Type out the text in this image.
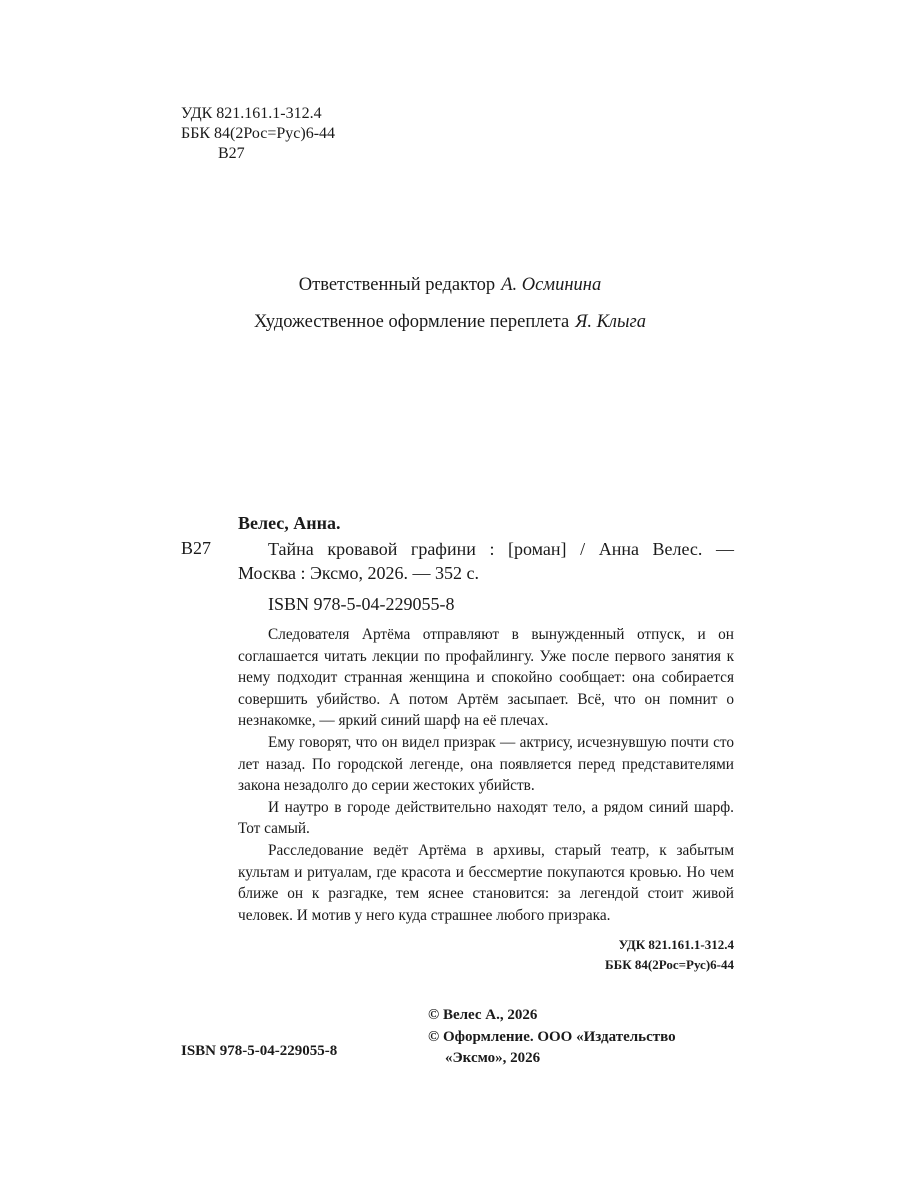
УДК 821.161.1-312.4
ББК 84(2Рос=Рус)6-44
В27
Ответственный редактор А. Осминина
Художественное оформление переплета Я. Клыга
Велес, Анна.
В27	Тайна кровавой графини : [роман] / Анна Велес. —
Москва : Эксмо, 2026. — 352 с.
ISBN 978-5-04-229055-8

Следователя Артёма отправляют в вынужденный отпуск, и он соглашается читать лекции по профайлингу. Уже после первого занятия к нему подходит странная женщина и спокойно сообщает: она собирается совершить убийство. А потом Артём засыпает. Всё, что он помнит о незнакомке, — яркий синий шарф на её плечах.

Ему говорят, что он видел призрак — актрису, исчезнувшую почти сто лет назад. По городской легенде, она появляется перед представителями закона незадолго до серии жестоких убийств.

И наутро в городе действительно находят тело, а рядом синий шарф. Тот самый.

Расследование ведёт Артёма в архивы, старый театр, к забытым культам и ритуалам, где красота и бессмертие покупаются кровью. Но чем ближе он к разгадке, тем яснее становится: за легендой стоит живой человек. И мотив у него куда страшнее любого призрака.

УДК 821.161.1-312.4
ББК 84(2Рос=Рус)6-44
© Велес А., 2026
© Оформление. ООО «Издательство
«Эксмо», 2026
ISBN 978-5-04-229055-8
